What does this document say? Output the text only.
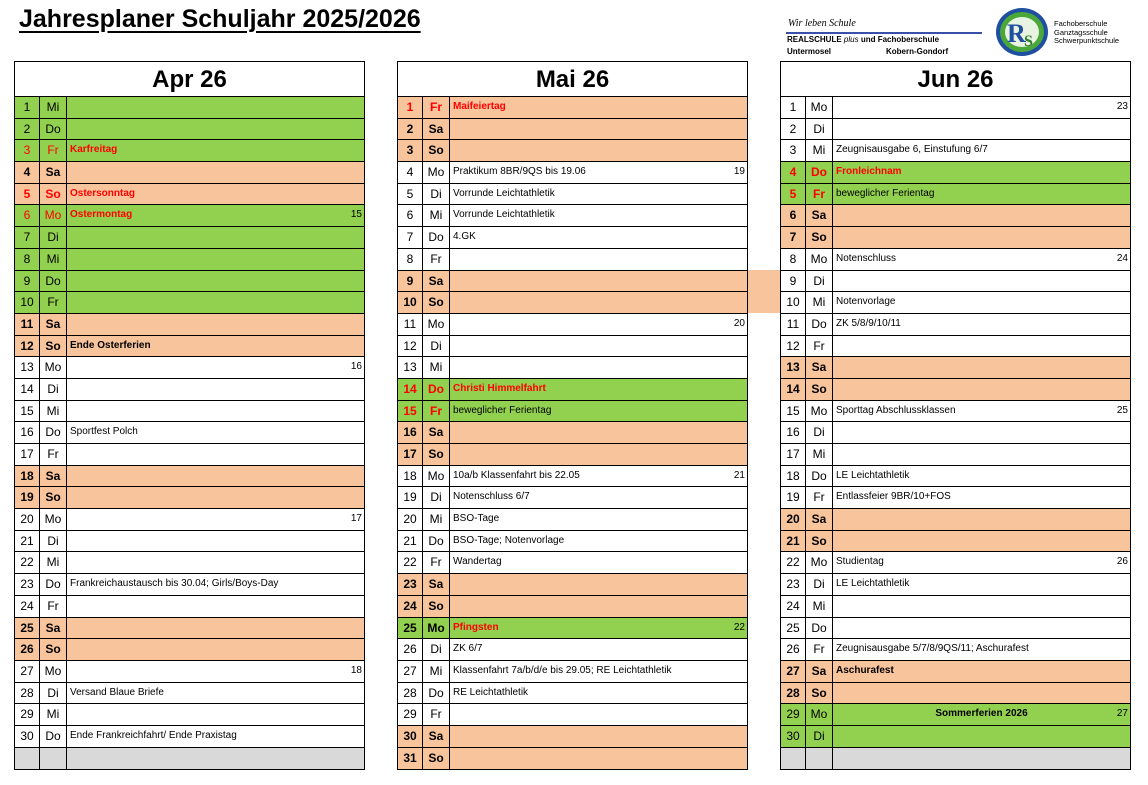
Jahresplaner Schuljahr 2025/2026	Wir leben Schule
REALSCHULE plus und Fachoberschule
Untermosel	Kobern-Gondorf
R
S
Fachoberschule
Ganztagsschule
Schwerpunktschule
Apr 26
1	Mi
2	Do
3	Fr	Karfreitag
4	Sa
5	So Ostersonntag
6	Mo Ostermontag	15
7	Di
8	Mi
9	Do
10	Fr
11	Sa
12 So Ende Osterferien
13 Mo	16
14	Di
15	Mi
16 Do Sportfest Polch
17	Fr
18 Sa
19 So
20 Mo	17
21	Di
22	Mi
23 Do Frankreichaustausch bis 30.04; Girls/Boys-Day
24	Fr
25 Sa
26 So
27 Mo	18
28	Di	Versand Blaue Briefe
29	Mi
30 Do Ende Frankreichfahrt/ Ende Praxistag
Mai 26
1	Fr	Maifeiertag
2	Sa
3	So
4	Mo Praktikum 8BR/9QS bis 19.06	19
5	Di	Vorrunde Leichtathletik
6	Mi	Vorrunde Leichtathletik
7	Do 4.GK
8	Fr
9	Sa
10 So
11 Mo	20
12	Di
13	Mi
14 Do Christi Himmelfahrt
15	Fr	beweglicher Ferientag
16 Sa
17 So
18 Mo 10a/b Klassenfahrt bis 22.05	21
19	Di	Notenschluss 6/7
20	Mi	BSO-Tage
21 Do BSO-Tage; Notenvorlage
22	Fr	Wandertag
23 Sa
24 So
25 Mo Pfingsten	22
26	Di	ZK 6/7
27	Mi	Klassenfahrt 7a/b/d/e bis 29.05; RE Leichtathletik
28 Do RE Leichtathletik
29	Fr
30 Sa
31 So
Jun 26
1	Mo	23
2	Di
3	Mi	Zeugnisausgabe 6, Einstufung 6/7
4	Do Fronleichnam
5	Fr	beweglicher Ferientag
6	Sa
7	So
8	Mo Notenschluss	24
9	Di
10	Mi	Notenvorlage
11	Do ZK 5/8/9/10/11
12	Fr
13 Sa
14 So
15 Mo Sporttag Abschlussklassen	25
16	Di
17	Mi
18 Do LE Leichtathletik
19	Fr	Entlassfeier 9BR/10+FOS
20 Sa
21 So
22 Mo Studientag	26
23	Di	LE Leichtathletik
24	Mi
25 Do
26	Fr	Zeugnisausgabe 5/7/8/9QS/11; Aschurafest
27 Sa Aschurafest
28 So
29 Mo	Sommerferien 2026	27
30	Di
